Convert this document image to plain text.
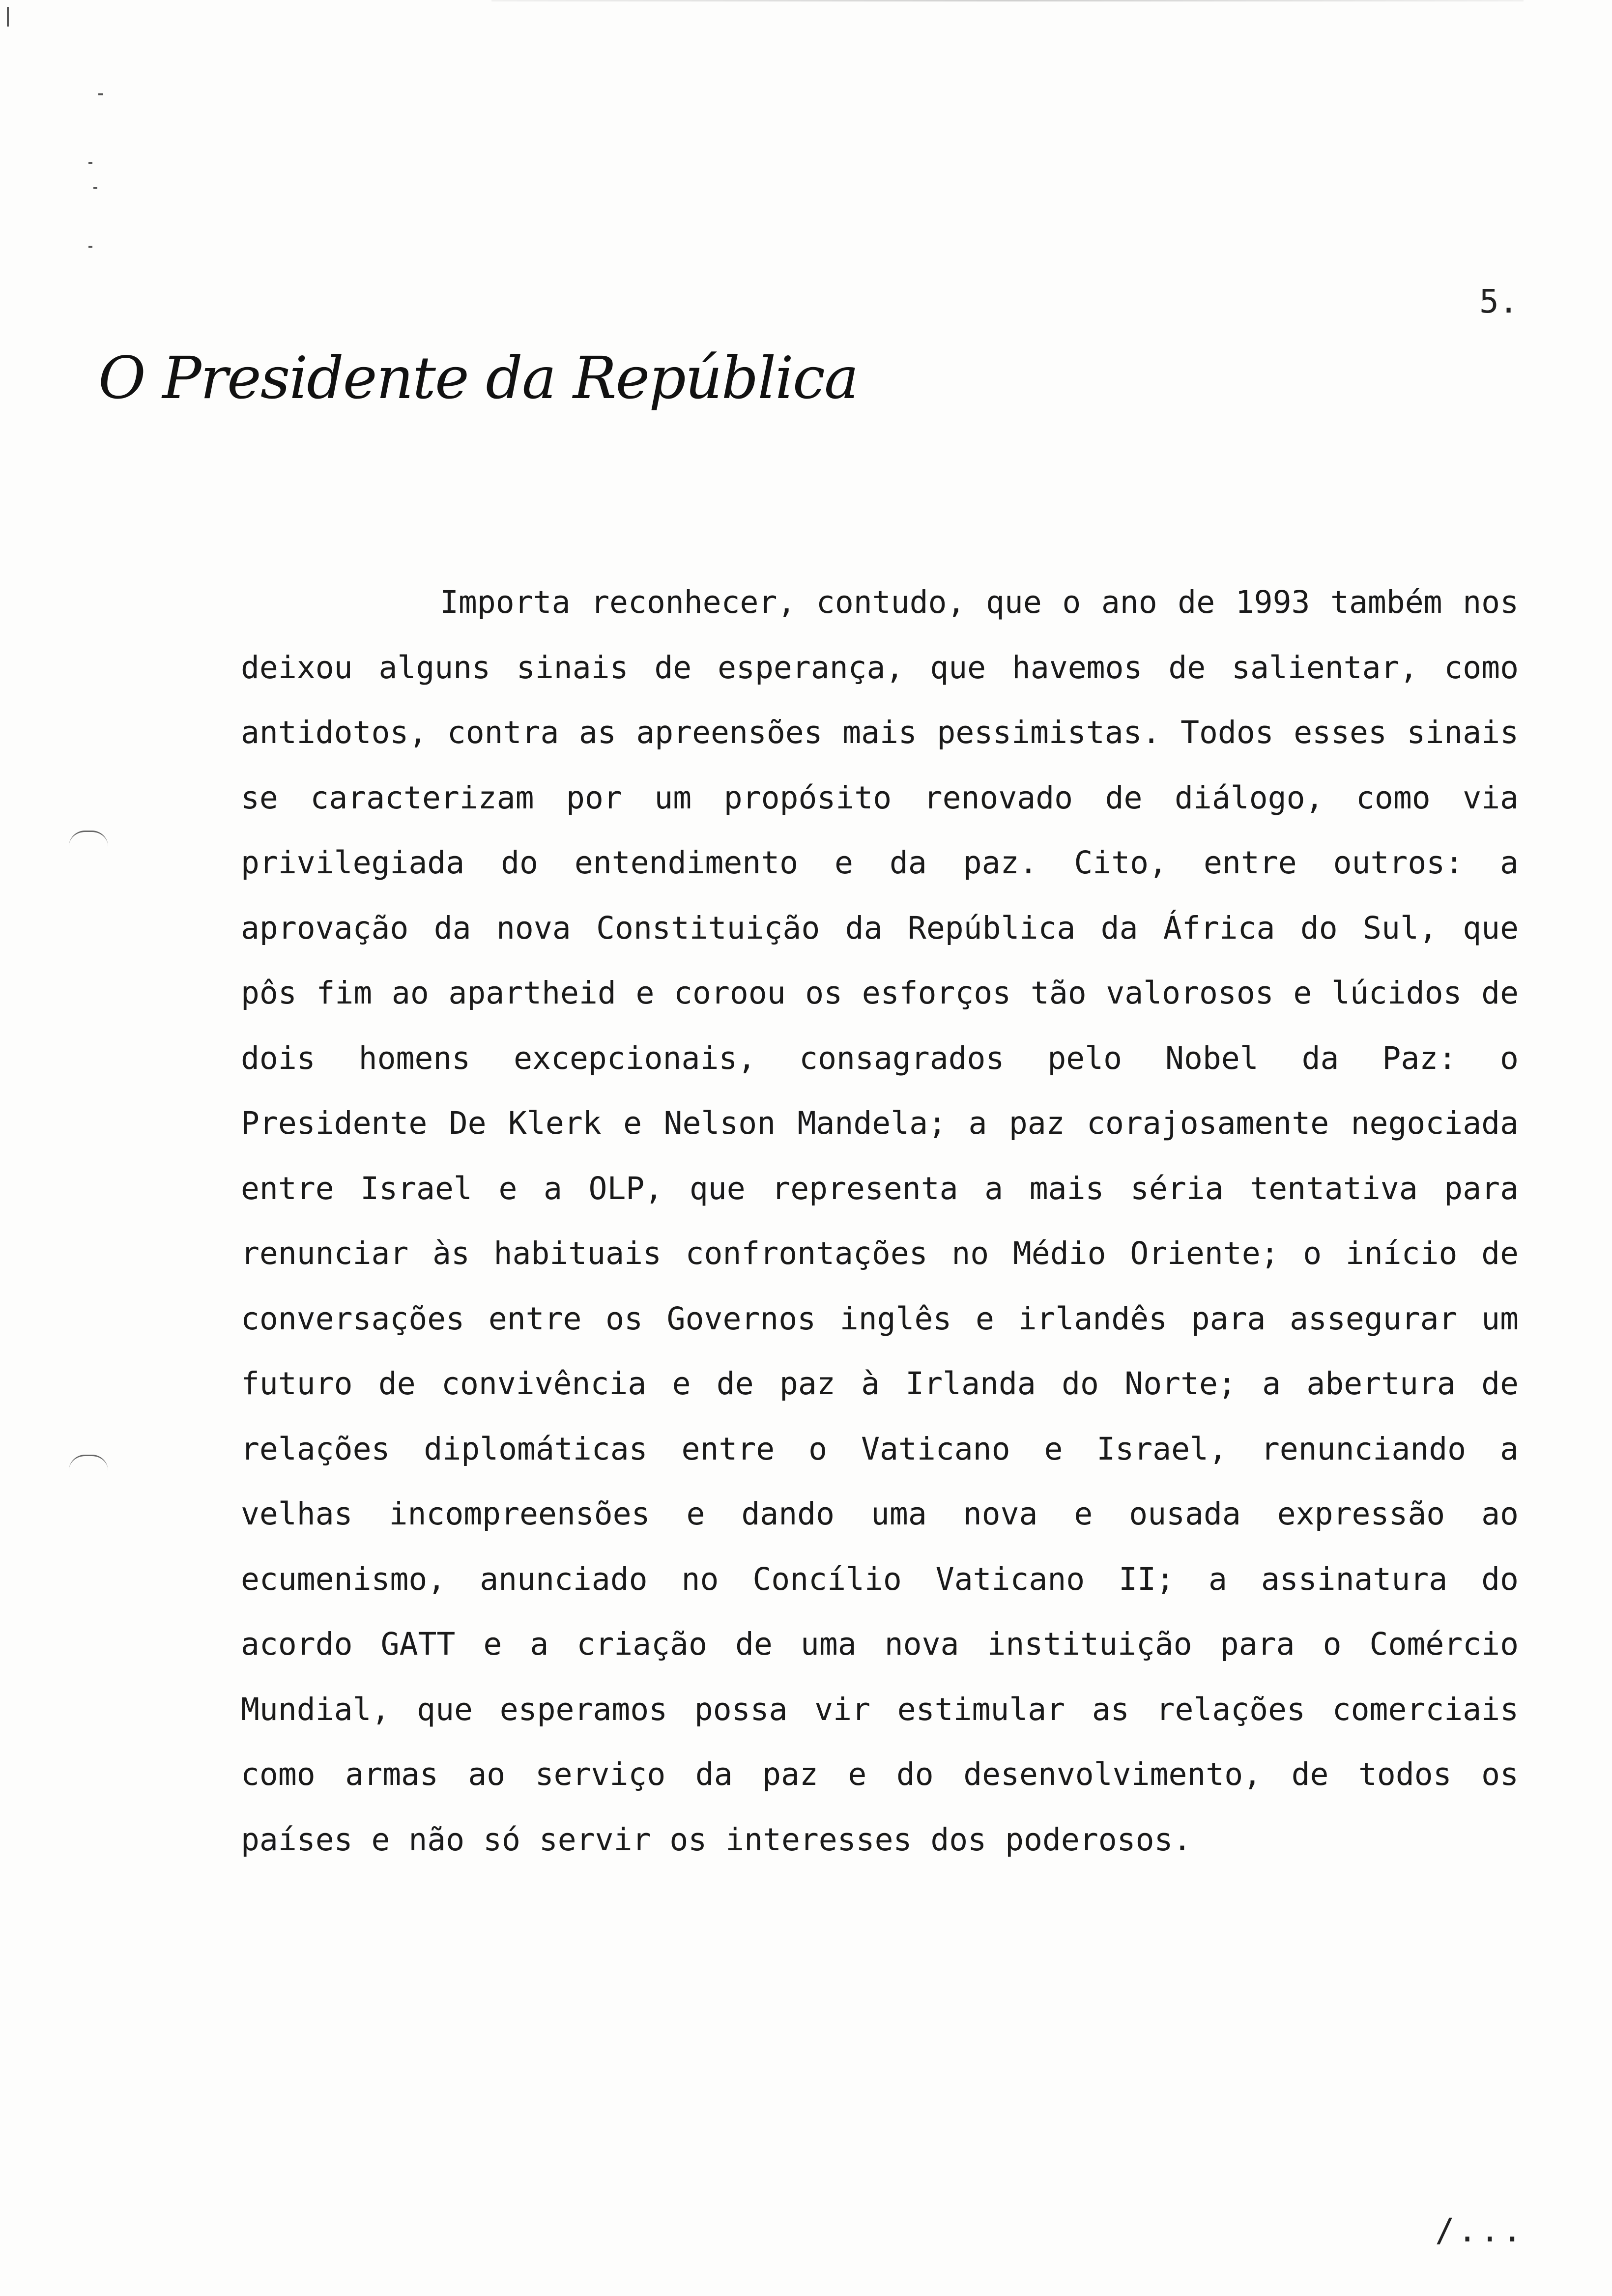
O Presidente da República
5.

Importa reconhecer, contudo, que o ano de 1993 também nos deixou alguns sinais de esperança, que havemos de salientar, como antidotos, contra as apreensões mais pessimistas. Todos esses sinais se caracterizam por um propósito renovado de diálogo, como via privilegiada do entendimento e da paz. Cito, entre outros: a aprovação da nova Constituição da República da África do Sul, que pôs fim ao apartheid e coroou os esforços tão valorosos e lúcidos de dois homens excepcionais, consagrados pelo Nobel da Paz: o Presidente De Klerk e Nelson Mandela; a paz corajosamente negociada entre Israel e a OLP, que representa a mais séria tentativa para renunciar às habituais confrontações no Médio Oriente; o início de conversações entre os Governos inglês e irlandês para assegurar um futuro de convivência e de paz à Irlanda do Norte; a abertura de relações diplomáticas entre o Vaticano e Israel, renunciando a velhas incompreensões e dando uma nova e ousada expressão ao ecumenismo, anunciado no Concílio Vaticano II; a assinatura do acordo GATT e a criação de uma nova instituição para o Comércio Mundial, que esperamos possa vir estimular as relações comerciais como armas ao serviço da paz e do desenvolvimento, de todos os países e não só servir os interesses dos poderosos.

/...
